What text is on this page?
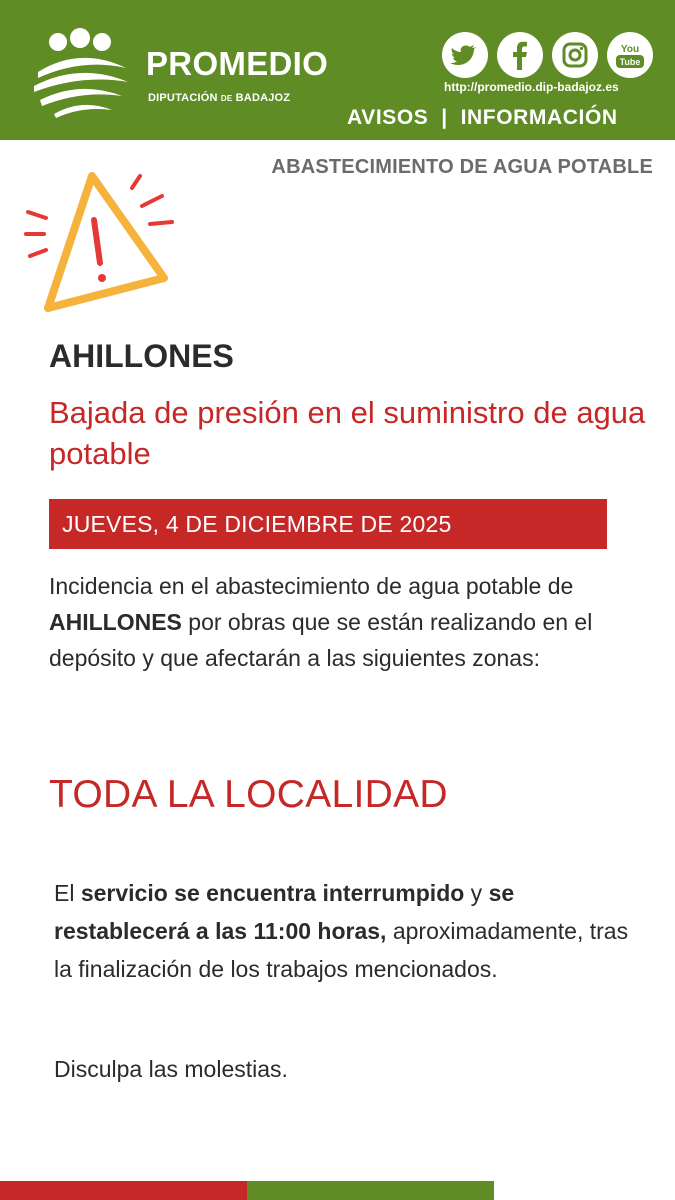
PROMEDIO
DIPUTACIÓN DE BADAJOZ
You
Tube
http://promedio.dip-badajoz.es
AVISOS  |  INFORMACIÓN
ABASTECIMIENTO DE AGUA POTABLE
AHILLONES
Bajada de presión en el suministro de agua potable
JUEVES, 4 DE DICIEMBRE DE 2025
Incidencia en el abastecimiento de agua potable de AHILLONES por obras que se están realizando en el depósito y que afectarán a las siguientes zonas:
TODA LA LOCALIDAD
El servicio se encuentra interrumpido y se restablecerá a las 11:00 horas, aproximadamente, tras la finalización de los trabajos mencionados.
Disculpa las molestias.
